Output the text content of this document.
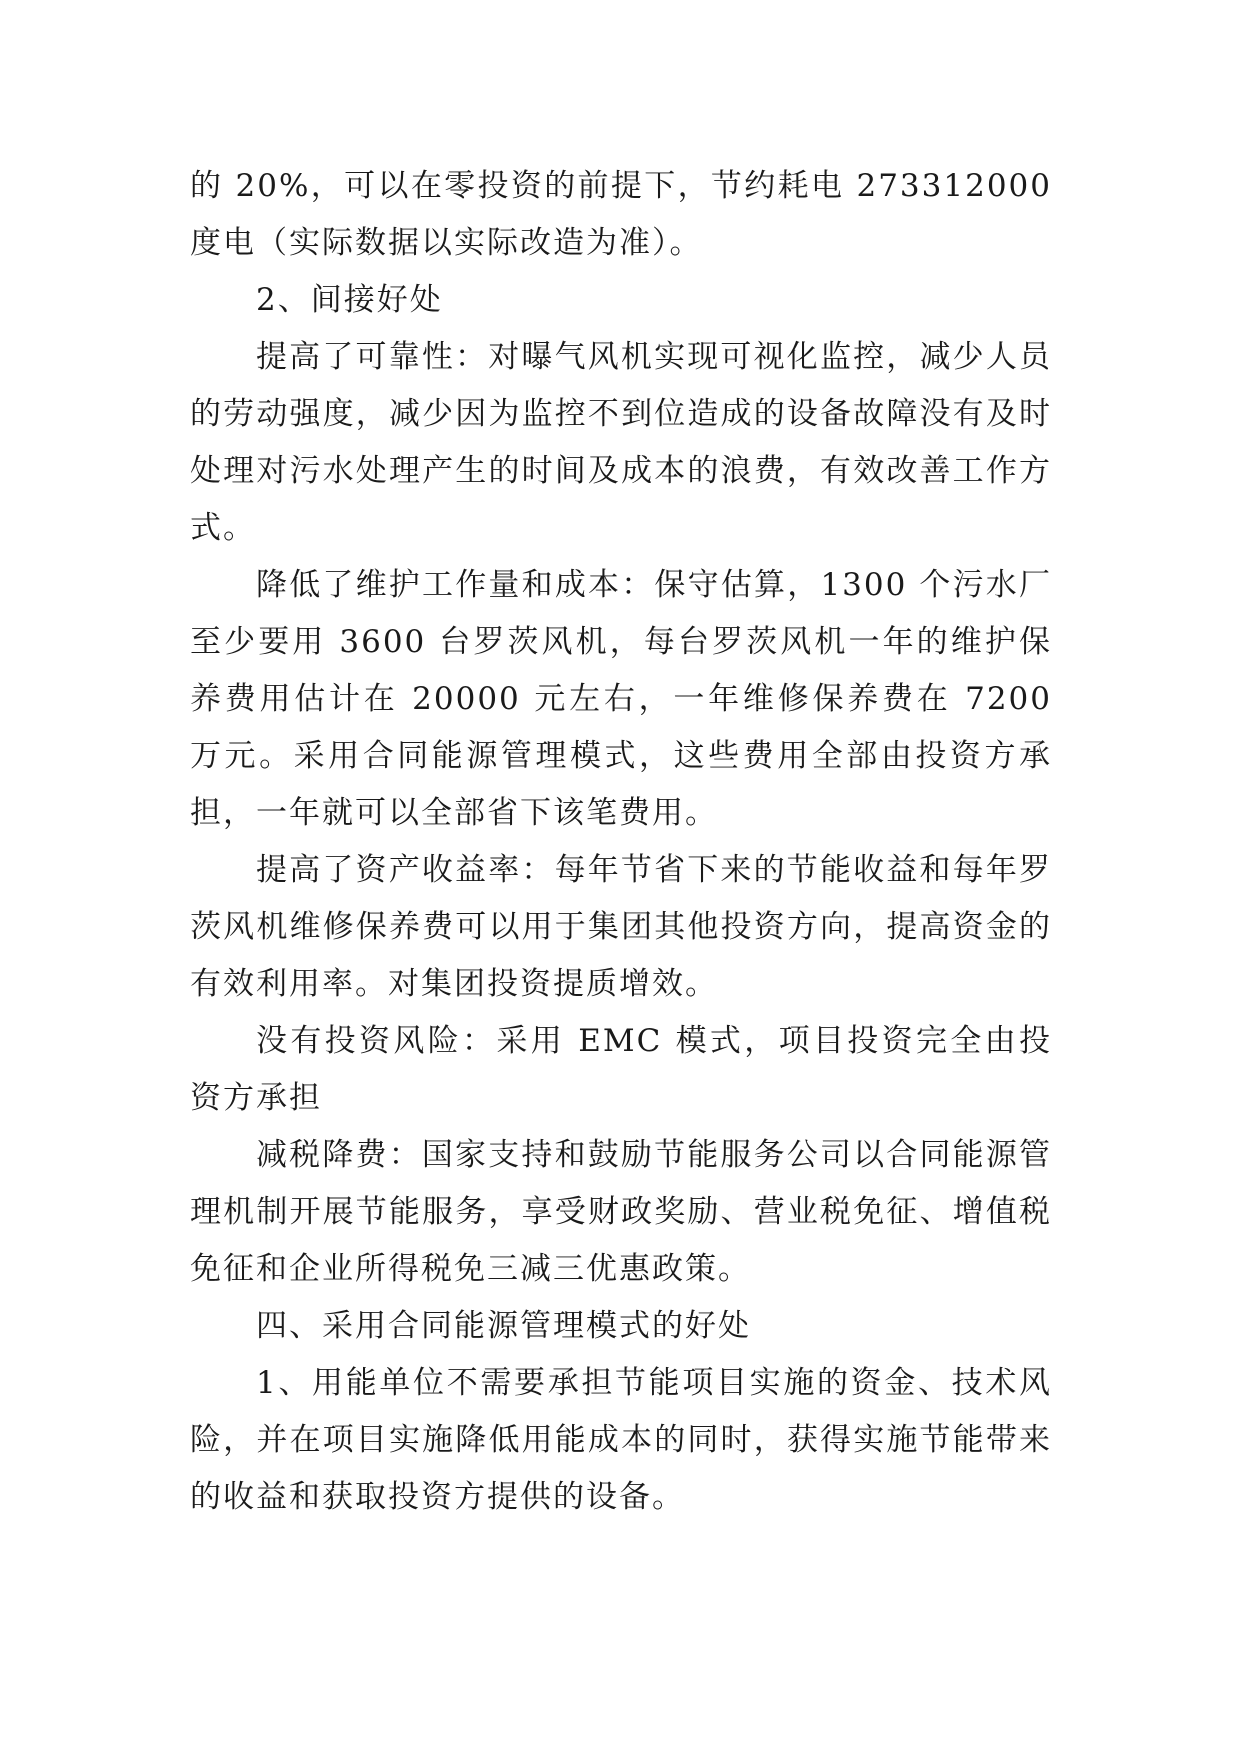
的 20%，可以在零投资的前提下，节约耗电 273312000 度电（实际数据以实际改造为准）。

2、间接好处

提高了可靠性：对曝气风机实现可视化监控，减少人员的劳动强度，减少因为监控不到位造成的设备故障没有及时处理对污水处理产生的时间及成本的浪费，有效改善工作方式。

降低了维护工作量和成本：保守估算，1300 个污水厂至少要用 3600 台罗茨风机，每台罗茨风机一年的维护保养费用估计在 20000 元左右，一年维修保养费在 7200 万元。采用合同能源管理模式，这些费用全部由投资方承担，一年就可以全部省下该笔费用。

提高了资产收益率：每年节省下来的节能收益和每年罗茨风机维修保养费可以用于集团其他投资方向，提高资金的有效利用率。对集团投资提质增效。

没有投资风险：采用 EMC 模式，项目投资完全由投资方承担

减税降费：国家支持和鼓励节能服务公司以合同能源管理机制开展节能服务，享受财政奖励、营业税免征、增值税免征和企业所得税免三减三优惠政策。

四、采用合同能源管理模式的好处

1、用能单位不需要承担节能项目实施的资金、技术风险，并在项目实施降低用能成本的同时，获得实施节能带来的收益和获取投资方提供的设备。
